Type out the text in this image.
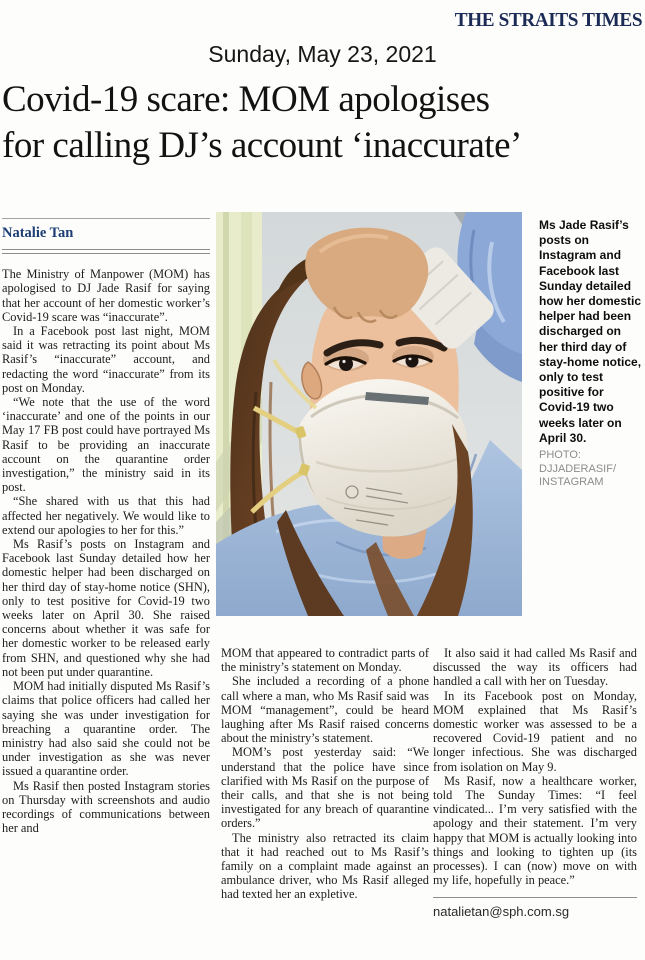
THE STRAITS TIMES
Sunday, May 23, 2021
Covid-19 scare: MOM apologises
for calling DJ’s account ‘inaccurate’
Natalie Tan

The Ministry of Manpower (MOM) has apologised to DJ Jade Rasif for saying that her account of her domestic worker’s Covid-19 scare was “inaccurate”.

In a Facebook post last night, MOM said it was retracting its point about Ms Rasif’s “inaccurate” account, and redacting the word “inaccurate” from its post on Monday.

“We note that the use of the word ‘inaccurate’ and one of the points in our May 17 FB post could have portrayed Ms Rasif to be providing an inaccurate account on the quarantine order investigation,” the ministry said in its post.

“She shared with us that this had affected her negatively. We would like to extend our apologies to her for this.”

Ms Rasif’s posts on Instagram and Facebook last Sunday detailed how her domestic helper had been discharged on her third day of stay-home notice (SHN), only to test positive for Covid-19 two weeks later on April 30. She raised concerns about whether it was safe for her domestic worker to be released early from SHN, and questioned why she had not been put under quarantine.

MOM had initially disputed Ms Rasif’s claims that police officers had called her saying she was under investigation for breaching a quarantine order. The ministry had also said she could not be under investigation as she was never issued a quarantine order.

Ms Rasif then posted Instagram stories on Thursday with screenshots and audio recordings of communications between her and

Ms Jade Rasif’s posts on Instagram and Facebook last Sunday detailed how her domestic helper had been discharged on her third day of stay-home notice, only to test positive for Covid-19 two weeks later on April 30.
PHOTO: DJJADERASIF/ INSTAGRAM

MOM that appeared to contradict parts of the ministry’s statement on Monday.

She included a recording of a phone call where a man, who Ms Rasif said was MOM “management”, could be heard laughing after Ms Rasif raised concerns about the ministry’s statement.

MOM’s post yesterday said: “We understand that the police have since clarified with Ms Rasif on the purpose of their calls, and that she is not being investigated for any breach of quarantine orders.”

The ministry also retracted its claim that it had reached out to Ms Rasif’s family on a complaint made against an ambulance driver, who Ms Rasif alleged had texted her an expletive.

It also said it had called Ms Rasif and discussed the way its officers had handled a call with her on Tuesday.

In its Facebook post on Monday, MOM explained that Ms Rasif’s domestic worker was assessed to be a recovered Covid-19 patient and no longer infectious. She was discharged from isolation on May 9.

Ms Rasif, now a healthcare worker, told The Sunday Times: “I feel vindicated... I’m very satisfied with the apology and their statement. I’m very happy that MOM is actually looking into things and looking to tighten up (its processes). I can (now) move on with my life, hopefully in peace.”

natalietan@sph.com.sg
